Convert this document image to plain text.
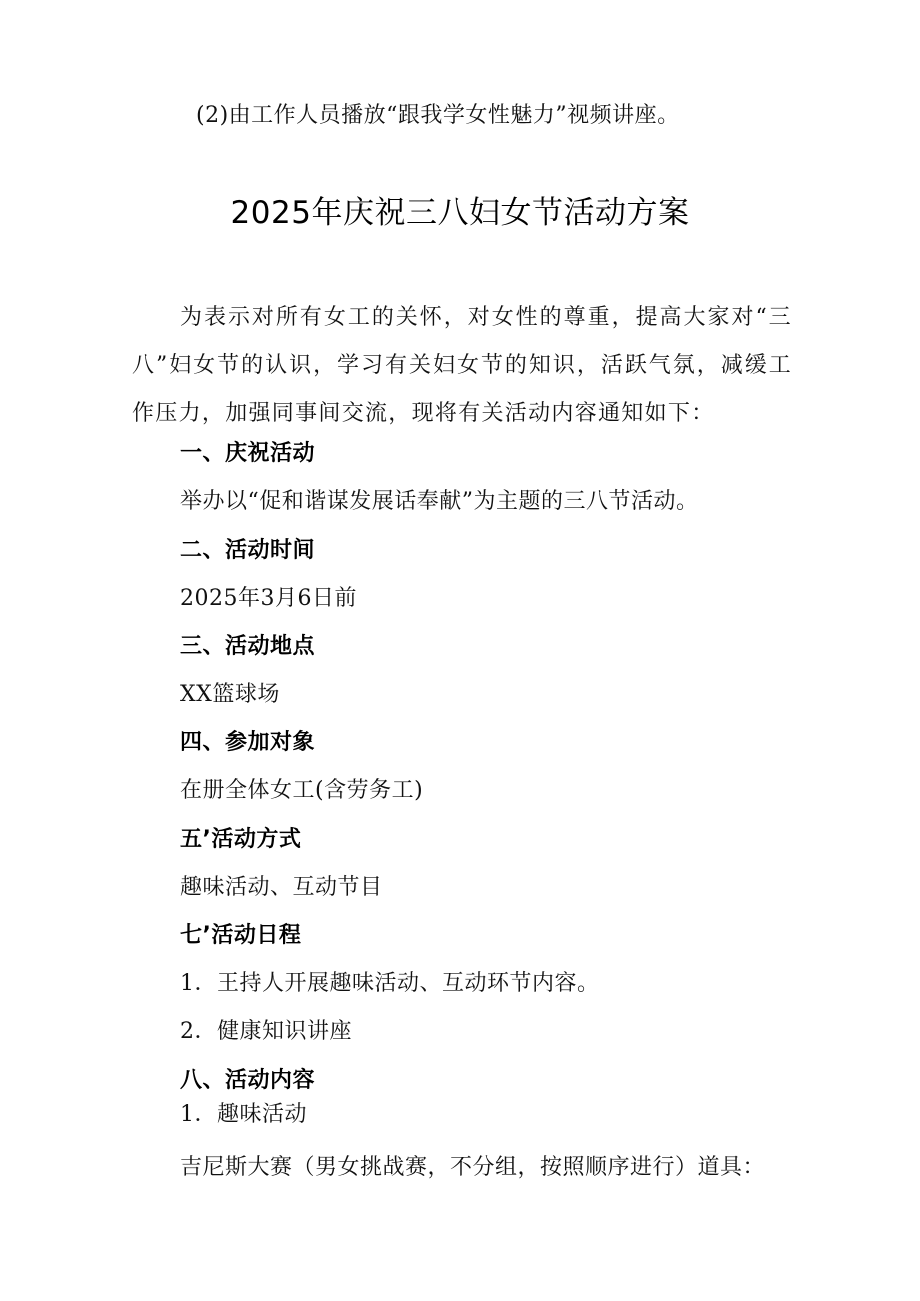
(2)由工作人员播放“跟我学女性魅力”视频讲座。
2025年庆祝三八妇女节活动方案
为表示对所有女工的关怀，对女性的尊重，提高大家对“三八”妇女节的认识，学习有关妇女节的知识，活跃气氛，减缓工作压力，加强同事间交流，现将有关活动内容通知如下：
一、庆祝活动
举办以“促和谐谋发展话奉献”为主题的三八节活动。
二、活动时间
2025年3月6日前
三、活动地点
XX篮球场
四、参加对象
在册全体女工(含劳务工)
五’活动方式
趣味活动、互动节目
七’活动日程
1．王持人开展趣味活动、互动环节内容。
2．健康知识讲座
八、活动内容
1．趣味活动
吉尼斯大赛（男女挑战赛，不分组，按照顺序进行）道具：
